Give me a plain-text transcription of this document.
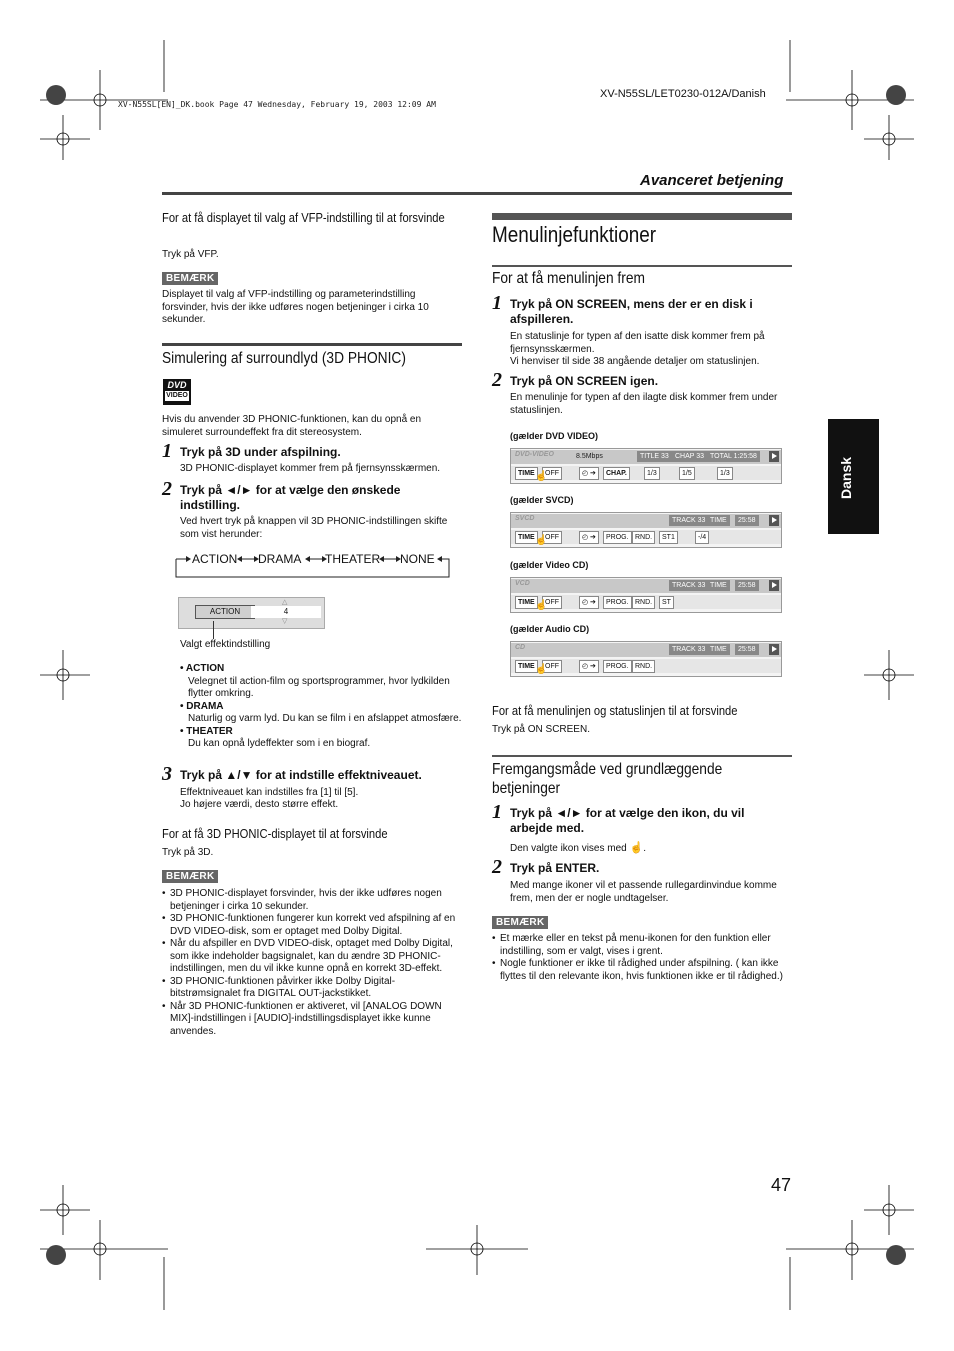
XV-N55SL[EN]_DK.book Page 47 Wednesday, February 19, 2003 12:09 AM
XV-N55SL/LET0230-012A/Danish
Avanceret betjening
Dansk
For at få displayet til valg af VFP-indstilling til at forsvinde
Tryk på VFP.
BEMÆRK
Displayet til valg af VFP-indstilling og parameterindstilling forsvinder, hvis der ikke udføres nogen betjeninger i cirka 10 sekunder.
Simulering af surroundlyd (3D PHONIC)
DVD
VIDEO
Hvis du anvender 3D PHONIC-funktionen, kan du opnå en simuleret surroundeffekt fra dit stereosystem.
1 Tryk på 3D under afspilning.
3D PHONIC-displayet kommer frem på fjernsynsskærmen.
2 Tryk på ◄/► for at vælge den ønskede indstilling.
Ved hvert tryk på knappen vil 3D PHONIC-indstillingen skifte som vist herunder:
ACTION DRAMA THEATER NONE
ACTION	4
△
▽
Valgt effektindstilling
• ACTION
Velegnet til action-film og sportsprogrammer, hvor lydkilden flytter omkring.
• DRAMA
Naturlig og varm lyd. Du kan se film i en afslappet atmosfære.
• THEATER
Du kan opnå lydeffekter som i en biograf.
3 Tryk på ▲/▼ for at indstille effektniveauet.
Effektniveauet kan indstilles fra [1] til [5].
Jo højere værdi, desto større effekt.
For at få 3D PHONIC-displayet til at forsvinde
Tryk på 3D.
BEMÆRK
• 3D PHONIC-displayet forsvinder, hvis der ikke udføres nogen betjeninger i cirka 10 sekunder.
• 3D PHONIC-funktionen fungerer kun korrekt ved afspilning af en DVD VIDEO-disk, som er optaget med Dolby Digital.
• Når du afspiller en DVD VIDEO-disk, optaget med Dolby Digital, som ikke indeholder bagsignalet, kan du ændre 3D PHONIC-indstillingen, men du vil ikke kunne opnå en korrekt 3D-effekt.
• 3D PHONIC-funktionen påvirker ikke Dolby Digital-bitstrømsignalet fra DIGITAL OUT-jackstikket.
• Når 3D PHONIC-funktionen er aktiveret, vil [ANALOG DOWN MIX]-indstillingen i [AUDIO]-indstillingsdisplayet ikke kunne anvendes.
Menulinjefunktioner
For at få menulinjen frem
1 Tryk på ON SCREEN, mens der er en disk i afspilleren.
En statuslinje for typen af den isatte disk kommer frem på fjernsynsskærmen.
Vi henviser til side 38 angående detaljer om statuslinjen.
2 Tryk på ON SCREEN igen.
En menulinje for typen af den ilagte disk kommer frem under statuslinjen.
(gælder DVD VIDEO)
DVD-VIDEO	8.5Mbps	TITLE 33 CHAP 33 TOTAL 1:25:58
TIME	OFF	◴ ➔	CHAP.	1/3	1/5	1/3
☝
(gælder SVCD)
SVCD	TRACK 33 TIME	25:58
TIME	OFF	◴ ➔	PROG. RND.	ST1	-/4
☝
(gælder Video CD)
VCD	TRACK 33 TIME	25:58
TIME	OFF	◴ ➔	PROG. RND.	ST
☝
(gælder Audio CD)
CD	TRACK 33 TIME	25:58
TIME	OFF	◴ ➔	PROG. RND.
☝
For at få menulinjen og statuslinjen til at forsvinde
Tryk på ON SCREEN.
Fremgangsmåde ved grundlæggende betjeninger
1 Tryk på ◄/► for at vælge den ikon, du vil arbejde med.
Den valgte ikon vises med ☝.
2 Tryk på ENTER.
Med mange ikoner vil et passende rullegardinvindue komme frem, men der er nogle undtagelser.
BEMÆRK
• Et mærke eller en tekst på menu-ikonen for den funktion eller indstilling, som er valgt, vises i grent.
• Nogle funktioner er ikke til rådighed under afspilning. ( kan ikke flyttes til den relevante ikon, hvis funktionen ikke er til rådighed.)
47
